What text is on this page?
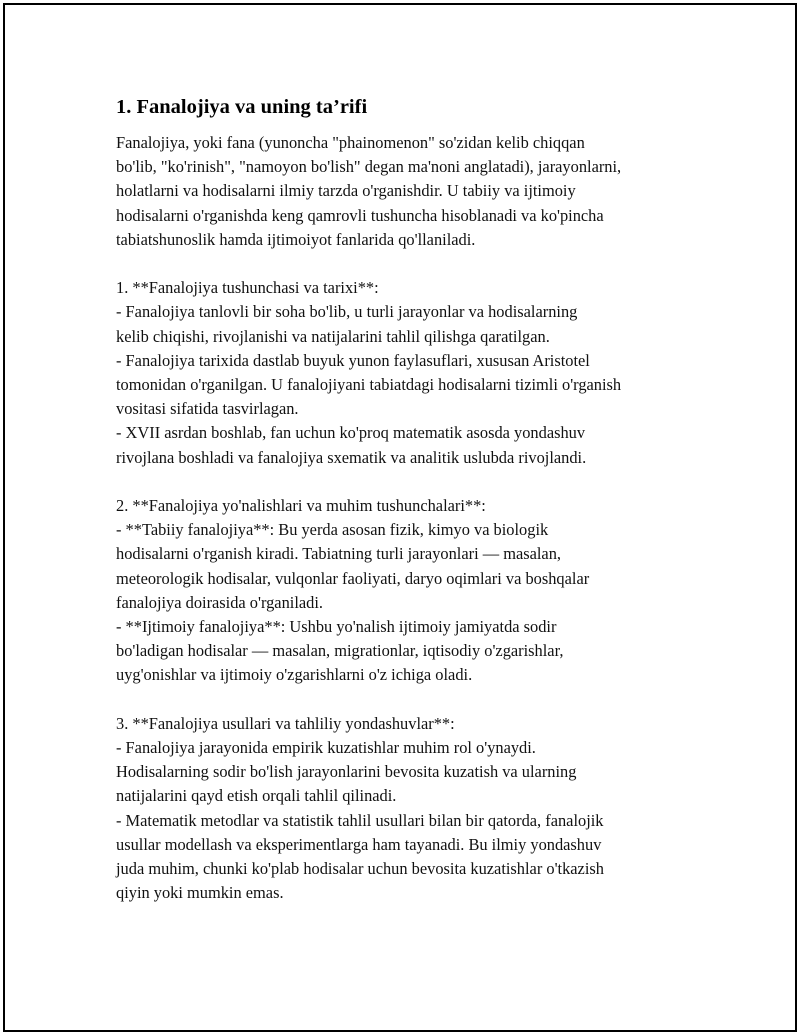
1. Fanalojiya va uning ta’rifi

Fanalojiya, yoki fana (yunoncha "phainomenon" so'zidan kelib chiqqan
bo'lib, "ko'rinish", "namoyon bo'lish" degan ma'noni anglatadi), jarayonlarni,
holatlarni va hodisalarni ilmiy tarzda o'rganishdir. U tabiiy va ijtimoiy
hodisalarni o'rganishda keng qamrovli tushuncha hisoblanadi va ko'pincha
tabiatshunoslik hamda ijtimoiyot fanlarida qo'llaniladi.

1. **Fanalojiya tushunchasi va tarixi**:
- Fanalojiya tanlovli bir soha bo'lib, u turli jarayonlar va hodisalarning
kelib chiqishi, rivojlanishi va natijalarini tahlil qilishga qaratilgan.
- Fanalojiya tarixida dastlab buyuk yunon faylasuflari, xususan Aristotel
tomonidan o'rganilgan. U fanalojiyani tabiatdagi hodisalarni tizimli o'rganish
vositasi sifatida tasvirlagan.
- XVII asrdan boshlab, fan uchun ko'proq matematik asosda yondashuv
rivojlana boshladi va fanalojiya sxematik va analitik uslubda rivojlandi.

2. **Fanalojiya yo'nalishlari va muhim tushunchalari**:
- **Tabiiy fanalojiya**: Bu yerda asosan fizik, kimyo va biologik
hodisalarni o'rganish kiradi. Tabiatning turli jarayonlari — masalan,
meteorologik hodisalar, vulqonlar faoliyati, daryo oqimlari va boshqalar
fanalojiya doirasida o'rganiladi.
- **Ijtimoiy fanalojiya**: Ushbu yo'nalish ijtimoiy jamiyatda sodir
bo'ladigan hodisalar — masalan, migrationlar, iqtisodiy o'zgarishlar,
uyg'onishlar va ijtimoiy o'zgarishlarni o'z ichiga oladi.

3. **Fanalojiya usullari va tahliliy yondashuvlar**:
- Fanalojiya jarayonida empirik kuzatishlar muhim rol o'ynaydi.
Hodisalarning sodir bo'lish jarayonlarini bevosita kuzatish va ularning
natijalarini qayd etish orqali tahlil qilinadi.
- Matematik metodlar va statistik tahlil usullari bilan bir qatorda, fanalojik
usullar modellash va eksperimentlarga ham tayanadi. Bu ilmiy yondashuv
juda muhim, chunki ko'plab hodisalar uchun bevosita kuzatishlar o'tkazish
qiyin yoki mumkin emas.
